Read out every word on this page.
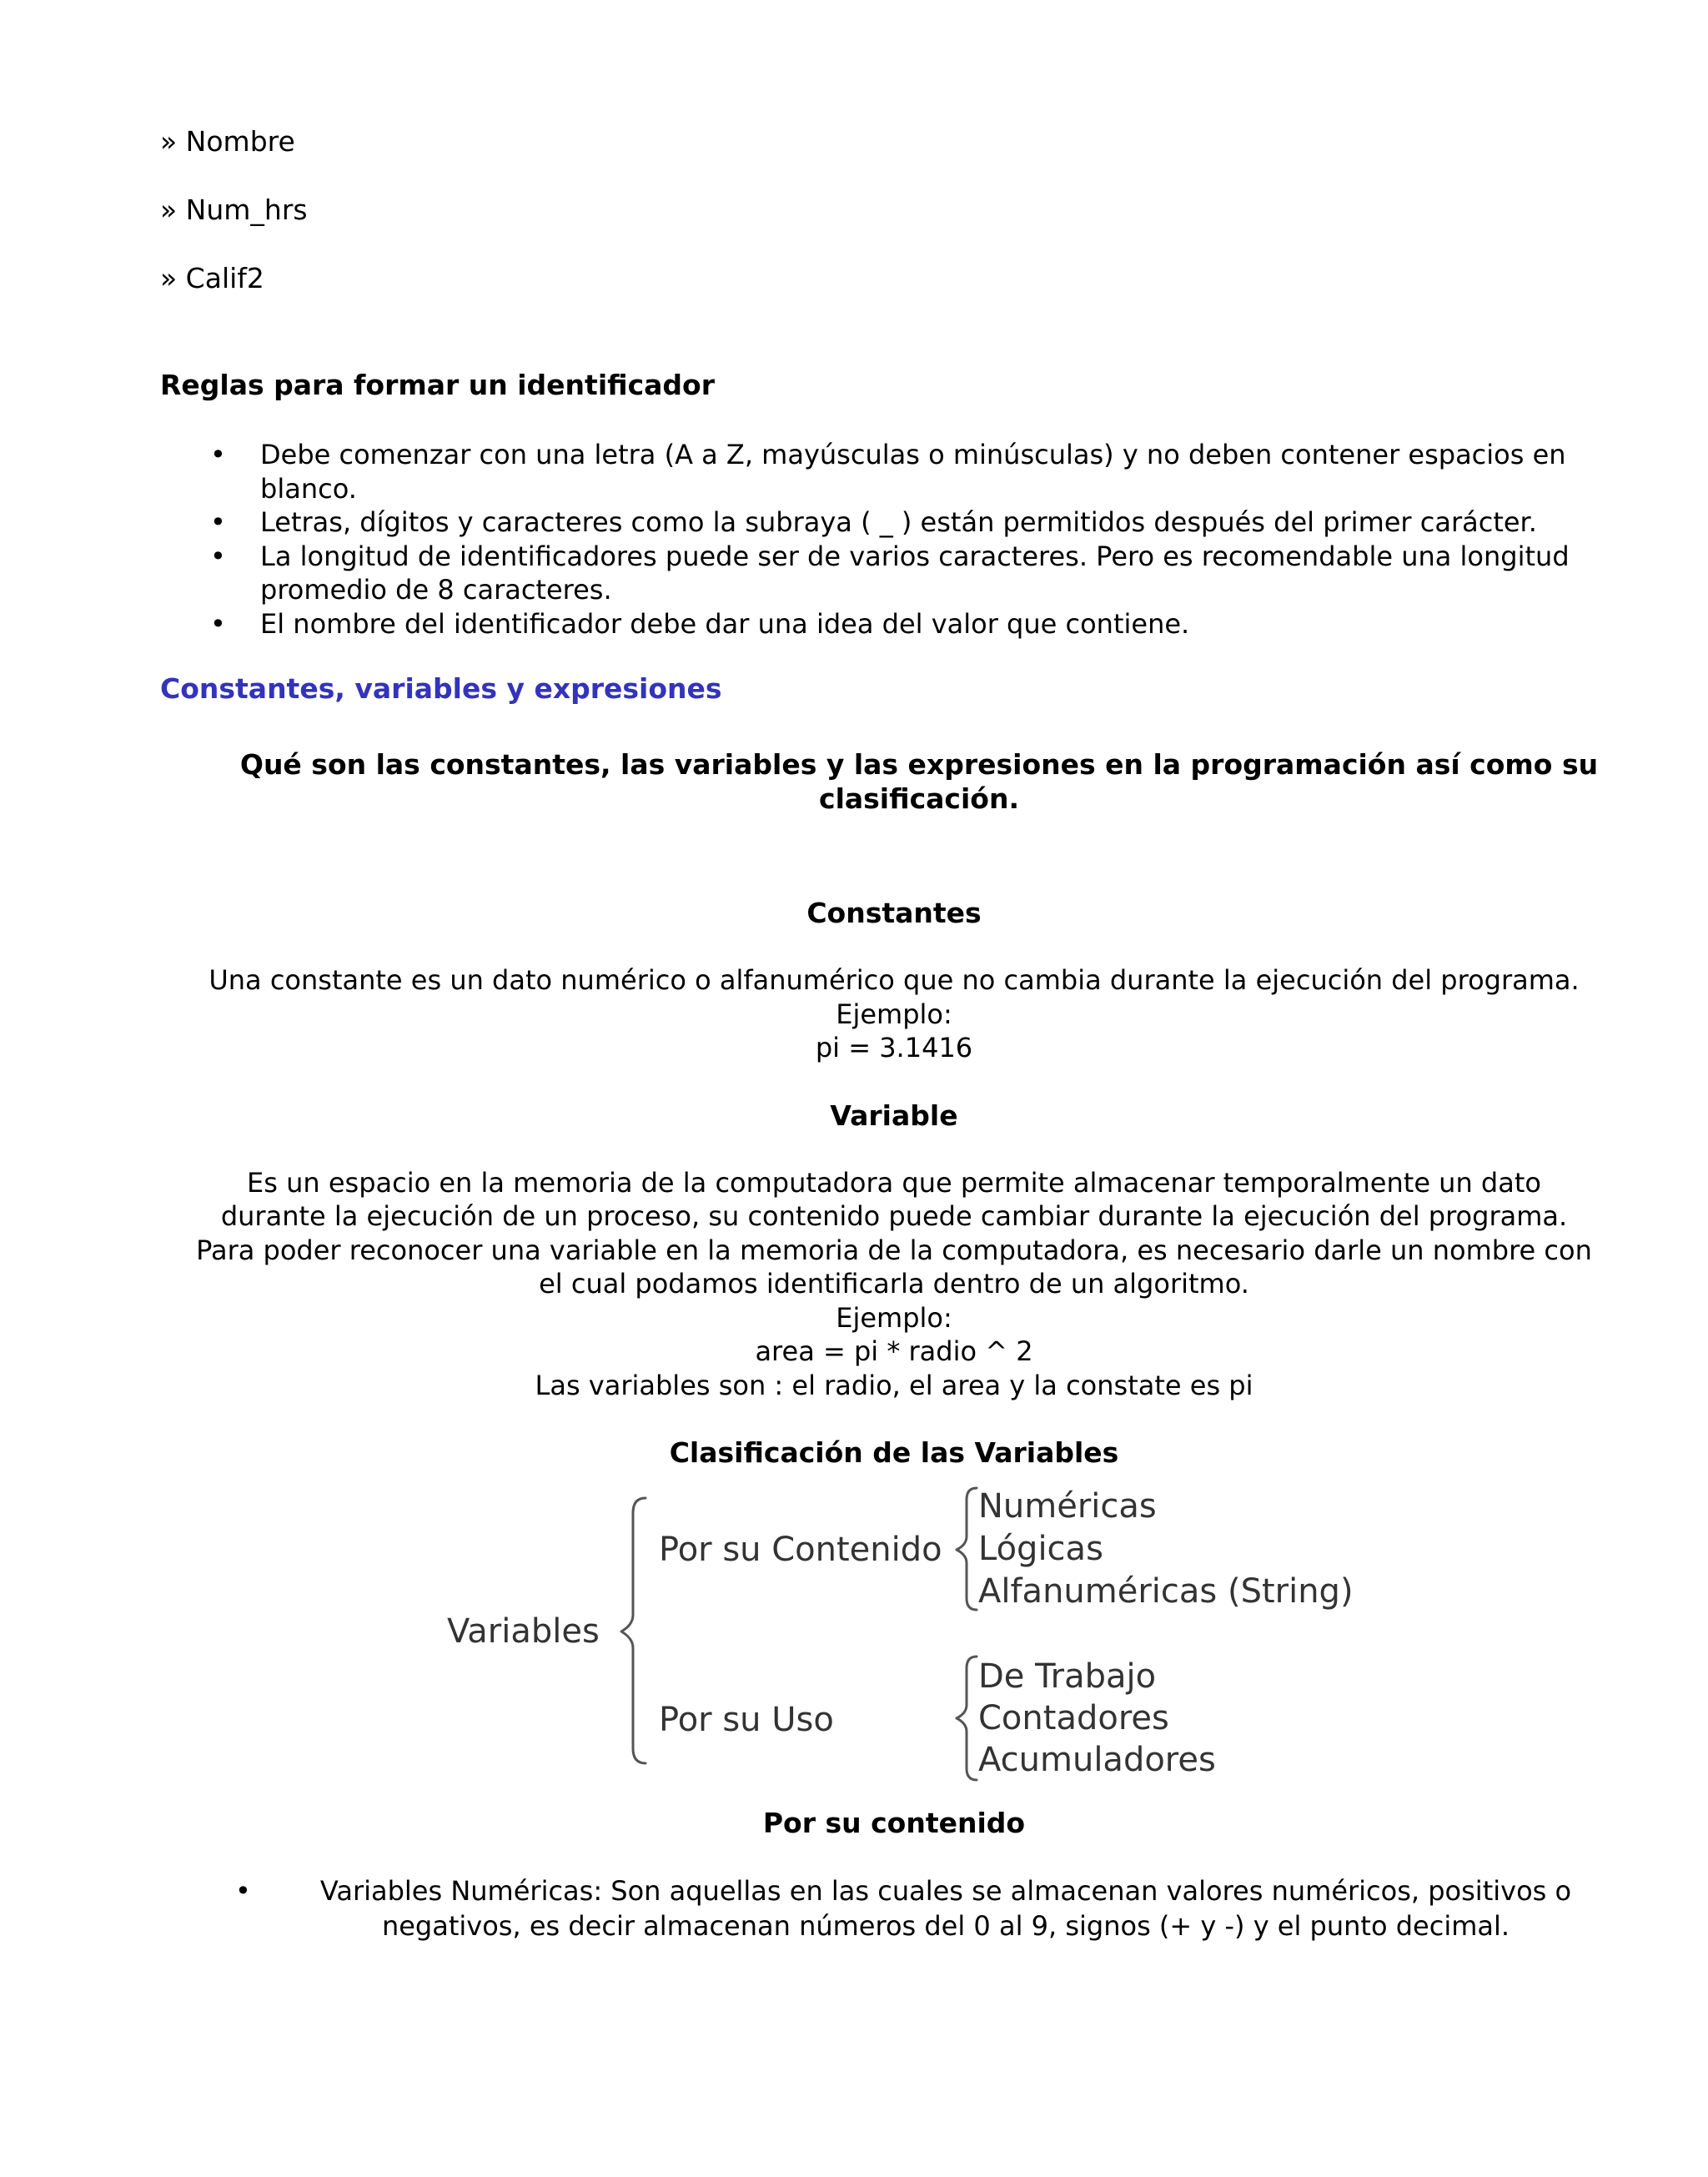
» Nombre
» Num_hrs
» Calif2
Reglas para formar un identificador
• Debe comenzar con una letra (A a Z, mayúsculas o minúsculas) y no deben contener espacios en blanco.
• Letras, dígitos y caracteres como la subraya ( _ ) están permitidos después del primer carácter.
• La longitud de identificadores puede ser de varios caracteres. Pero es recomendable una longitud promedio de 8 caracteres.
• El nombre del identificador debe dar una idea del valor que contiene.
Constantes, variables y expresiones
Qué son las constantes, las variables y las expresiones en la programación así como su clasificación.
Constantes
Una constante es un dato numérico o alfanumérico que no cambia durante la ejecución del programa.
Ejemplo:
pi = 3.1416
Variable
Es un espacio en la memoria de la computadora que permite almacenar temporalmente un dato
durante la ejecución de un proceso, su contenido puede cambiar durante la ejecución del programa.
Para poder reconocer una variable en la memoria de la computadora, es necesario darle un nombre con
el cual podamos identificarla dentro de un algoritmo.
Ejemplo:
area = pi * radio ^ 2
Las variables son : el radio, el area y la constate es pi
Clasificación de las Variables
Variables
Por su Contenido
Por su Uso
Numéricas
Lógicas
Alfanuméricas (String)
De Trabajo
Contadores
Acumuladores
Por su contenido
•	Variables Numéricas: Son aquellas en las cuales se almacenan valores numéricos, positivos o negativos, es decir almacenan números del 0 al 9, signos (+ y -) y el punto decimal.
